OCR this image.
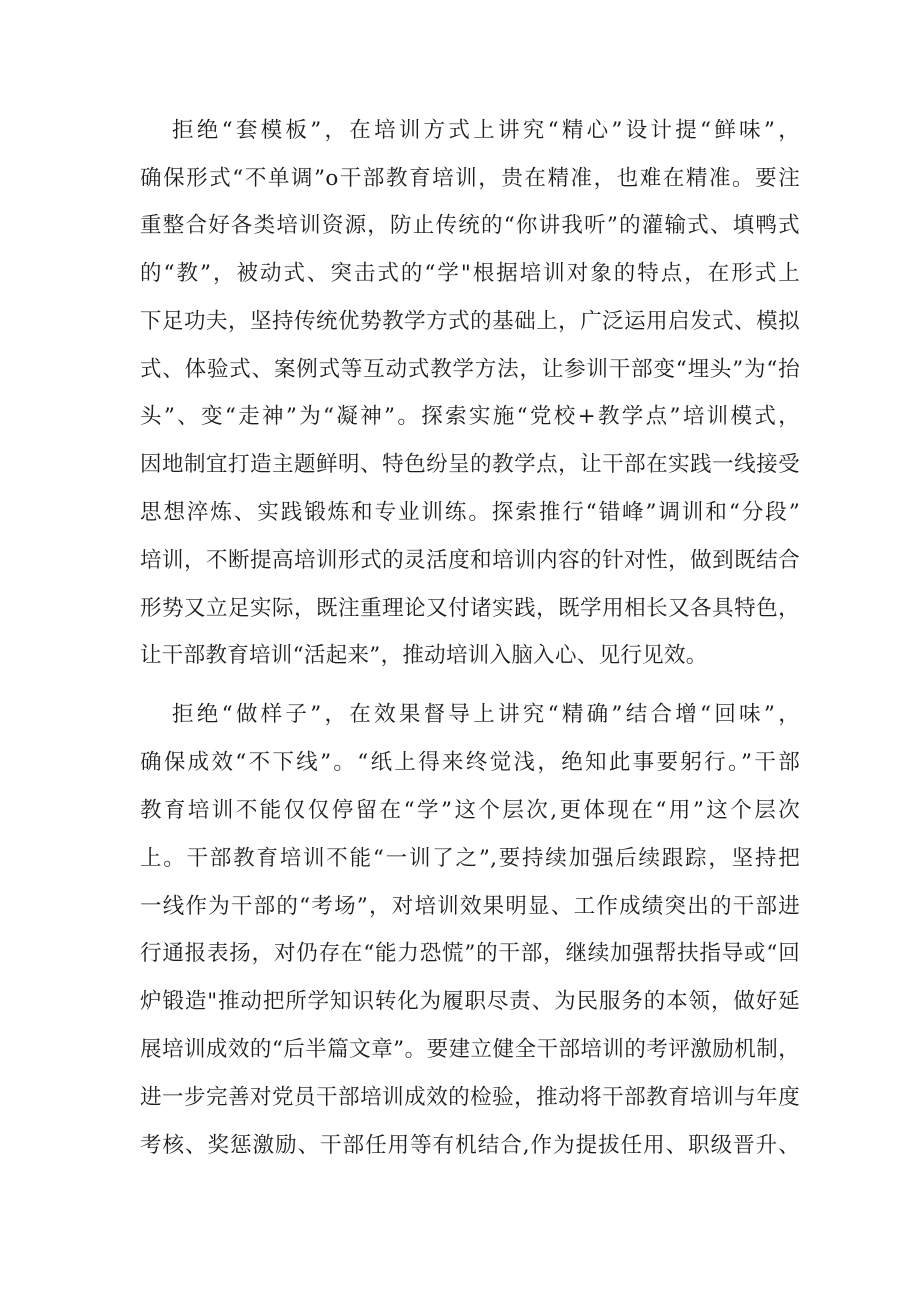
拒绝“套模板”，在培训方式上讲究“精心”设计提“鲜味”，
确保形式“不单调”o干部教育培训，贵在精准，也难在精准。要注
重整合好各类培训资源，防止传统的“你讲我听”的灌输式、填鸭式
的“教”，被动式、突击式的“学"根据培训对象的特点，在形式上
下足功夫，坚持传统优势教学方式的基础上，广泛运用启发式、模拟
式、体验式、案例式等互动式教学方法，让参训干部变“埋头”为“抬
头”、变“走神”为“凝神”。探索实施“党校+教学点”培训模式，
因地制宜打造主题鲜明、特色纷呈的教学点，让干部在实践一线接受
思想淬炼、实践锻炼和专业训练。探索推行“错峰”调训和“分段”
培训，不断提高培训形式的灵活度和培训内容的针对性，做到既结合
形势又立足实际，既注重理论又付诸实践，既学用相长又各具特色，
让干部教育培训“活起来”，推动培训入脑入心、见行见效。
拒绝“做样子”，在效果督导上讲究“精确”结合增“回味”，
确保成效“不下线”。“纸上得来终觉浅，绝知此事要躬行。”干部
教育培训不能仅仅停留在“学”这个层次,更体现在“用”这个层次
上。干部教育培训不能“一训了之”,要持续加强后续跟踪，坚持把
一线作为干部的“考场”，对培训效果明显、工作成绩突出的干部进
行通报表扬，对仍存在“能力恐慌”的干部，继续加强帮扶指导或“回
炉锻造"推动把所学知识转化为履职尽责、为民服务的本领，做好延
展培训成效的“后半篇文章”。要建立健全干部培训的考评激励机制，
进一步完善对党员干部培训成效的检验，推动将干部教育培训与年度
考核、奖惩激励、干部任用等有机结合,作为提拔任用、职级晋升、
